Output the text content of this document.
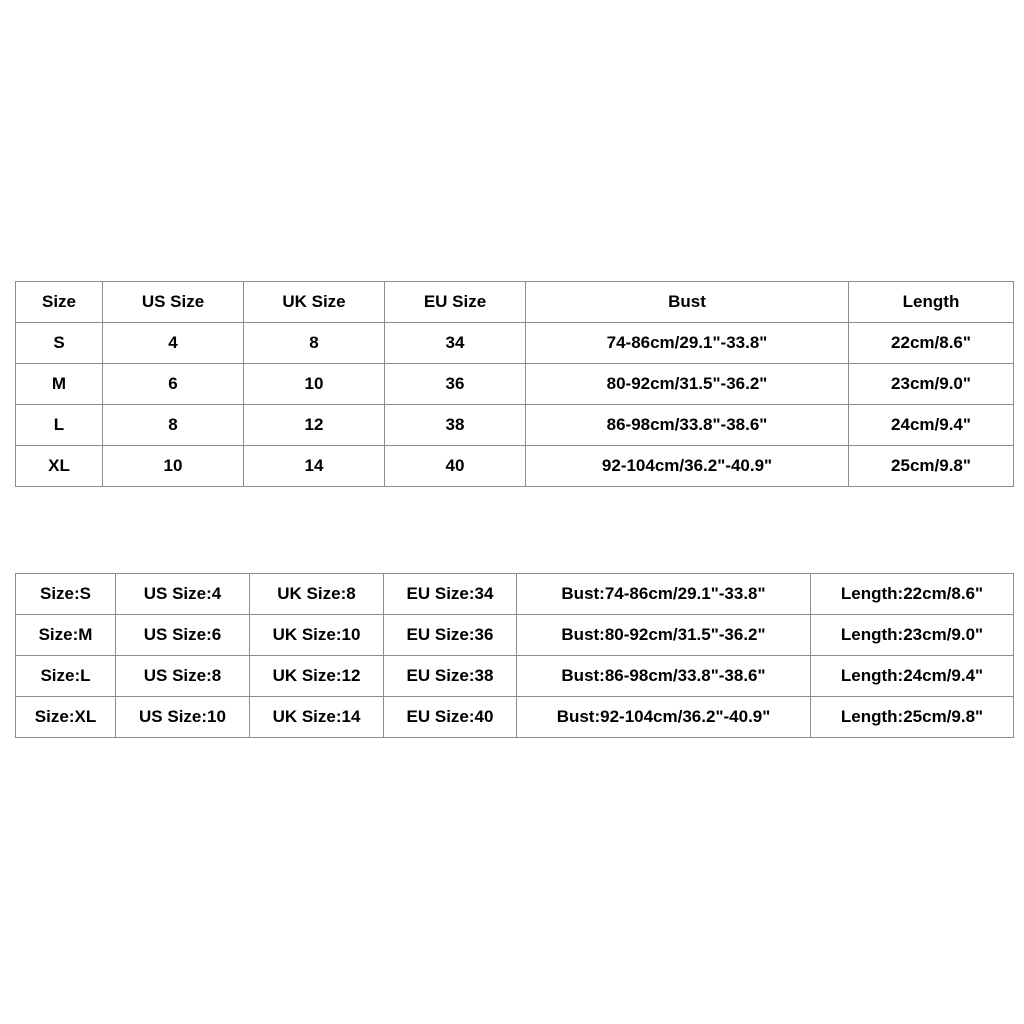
Size	US Size	UK Size	EU Size	Bust	Length
S	4	8	34	74-86cm/29.1"-33.8"	22cm/8.6"
M	6	10	36	80-92cm/31.5"-36.2"	23cm/9.0"
L	8	12	38	86-98cm/33.8"-38.6"	24cm/9.4"
XL	10	14	40	92-104cm/36.2"-40.9"	25cm/9.8"
Size:S	US Size:4	UK Size:8	EU Size:34	Bust:74-86cm/29.1"-33.8"	Length:22cm/8.6"
Size:M	US Size:6	UK Size:10	EU Size:36	Bust:80-92cm/31.5"-36.2"	Length:23cm/9.0"
Size:L	US Size:8	UK Size:12	EU Size:38	Bust:86-98cm/33.8"-38.6"	Length:24cm/9.4"
Size:XL	US Size:10	UK Size:14	EU Size:40	Bust:92-104cm/36.2"-40.9"	Length:25cm/9.8"
